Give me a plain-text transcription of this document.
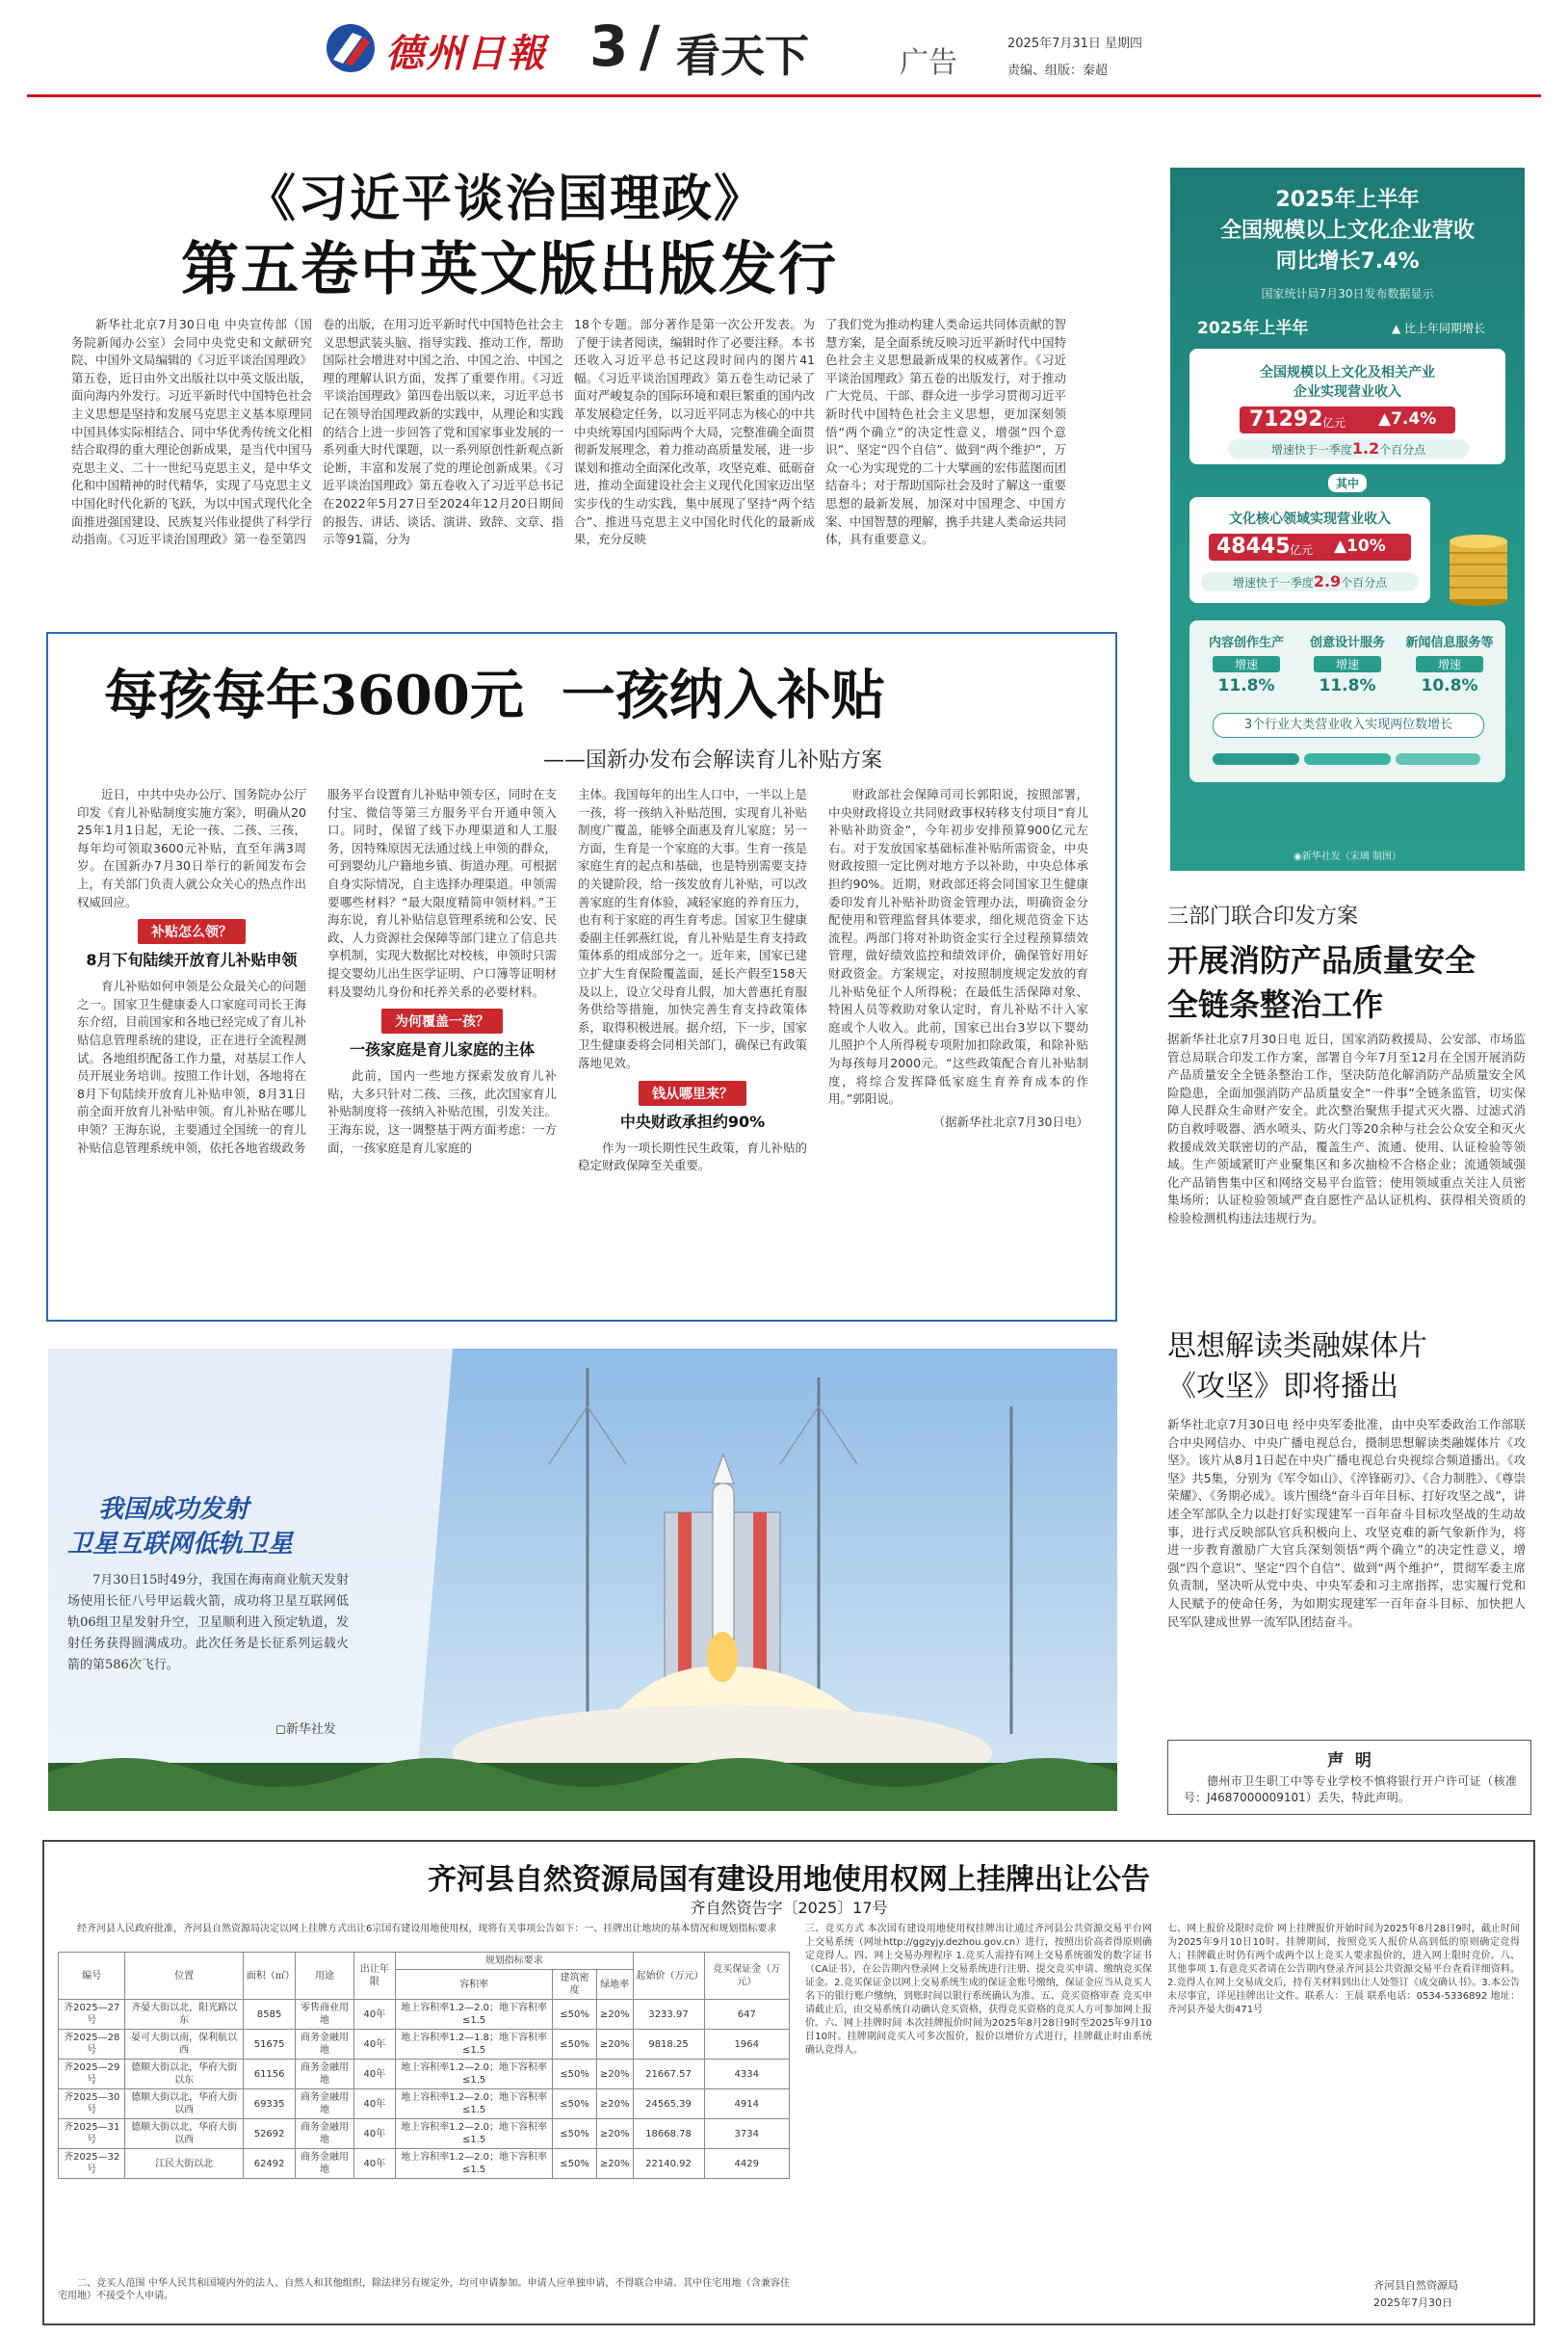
德州日報 3 / 看天下	广告
2025年7月31日 星期四
责编、组版：秦超
《习近平谈治国理政》
第五卷中英文版出版发行

新华社北京7月30日电 中央宣传部（国务院新闻办公室）会同中央党史和文献研究院、中国外文局编辑的《习近平谈治国理政》第五卷，近日由外文出版社以中英文版出版，面向海内外发行。习近平新时代中国特色社会主义思想是坚持和发展马克思主义基本原理同中国具体实际相结合、同中华优秀传统文化相结合取得的重大理论创新成果，是当代中国马克思主义、二十一世纪马克思主义，是中华文化和中国精神的时代精华，实现了马克思主义中国化时代化新的飞跃，为以中国式现代化全面推进强国建设、民族复兴伟业提供了科学行动指南。《习近平谈治国理政》第一卷至第四

卷的出版，在用习近平新时代中国特色社会主义思想武装头脑、指导实践、推动工作，帮助国际社会增进对中国之治、中国之治、中国之理的理解认识方面，发挥了重要作用。《习近平谈治国理政》第四卷出版以来，习近平总书记在领导治国理政新的实践中，从理论和实践的结合上进一步回答了党和国家事业发展的一系列重大时代课题，以一系列原创性新观点新论断，丰富和发展了党的理论创新成果。《习近平谈治国理政》第五卷收入了习近平总书记在2022年5月27日至2024年12月20日期间的报告、讲话、谈话、演讲、致辞、文章、指示等91篇，分为

18个专题。部分著作是第一次公开发表。为了便于读者阅读，编辑时作了必要注释。本书还收入习近平总书记这段时间内的图片41幅。《习近平谈治国理政》第五卷生动记录了面对严峻复杂的国际环境和艰巨繁重的国内改革发展稳定任务，以习近平同志为核心的中共中央统筹国内国际两个大局，完整准确全面贯彻新发展理念，着力推动高质量发展，进一步谋划和推动全面深化改革，攻坚克难、砥砺奋进，推动全面建设社会主义现代化国家迈出坚实步伐的生动实践，集中展现了坚持“两个结合”、推进马克思主义中国化时代化的最新成果，充分反映

了我们党为推动构建人类命运共同体贡献的智慧方案，是全面系统反映习近平新时代中国特色社会主义思想最新成果的权威著作。《习近平谈治国理政》第五卷的出版发行，对于推动广大党员、干部、群众进一步学习贯彻习近平新时代中国特色社会主义思想，更加深刻领悟“两个确立”的决定性意义，增强“四个意识”、坚定“四个自信”、做到“两个维护”，万众一心为实现党的二十大擘画的宏伟蓝图而团结奋斗；对于帮助国际社会及时了解这一重要思想的最新发展，加深对中国理念、中国方案、中国智慧的理解，携手共建人类命运共同体，具有重要意义。

2025年上半年
全国规模以上文化企业营收
同比增长7.4%
国家统计局7月30日发布数据显示
2025年上半年	▲ 比上年同期增长
全国规模以上文化及相关产业
企业实现营业收入
71292 亿元 ▲7.4%
增速快于一季度1.2个百分点
其中
文化核心领域实现营业收入
48445 亿元 ▲10%
增速快于一季度2.9个百分点
内容创作生产
增速
11.8%
创意设计服务
增速
11.8%
新闻信息服务等
增速
10.8%
3个行业大类营业收入实现两位数增长
◉新华社发（宋璃 制图）
每孩每年3600元  一孩纳入补贴
——国新办发布会解读育儿补贴方案

近日，中共中央办公厅、国务院办公厅印发《育儿补贴制度实施方案》，明确从2025年1月1日起，无论一孩、二孩、三孩，每年均可领取3600元补贴，直至年满3周岁。在国新办7月30日举行的新闻发布会上，有关部门负责人就公众关心的热点作出权威回应。

补贴怎么领？
8月下旬陆续开放育儿补贴申领

育儿补贴如何申领是公众最关心的问题之一。国家卫生健康委人口家庭司司长王海东介绍，目前国家和各地已经完成了育儿补贴信息管理系统的建设，正在进行全流程测试。各地组织配备工作力量，对基层工作人员开展业务培训。按照工作计划，各地将在8月下旬陆续开放育儿补贴申领，8月31日前全面开放育儿补贴申领。育儿补贴在哪儿申领？王海东说，主要通过全国统一的育儿补贴信息管理系统申领，依托各地省级政务

服务平台设置育儿补贴申领专区，同时在支付宝、微信等第三方服务平台开通申领入口。同时，保留了线下办理渠道和人工服务，因特殊原因无法通过线上申领的群众，可到婴幼儿户籍地乡镇、街道办理。可根据自身实际情况，自主选择办理渠道。申领需要哪些材料？“最大限度精简申领材料。”王海东说，育儿补贴信息管理系统和公安、民政、人力资源社会保障等部门建立了信息共享机制，实现大数据比对校核，申领时只需提交婴幼儿出生医学证明、户口簿等证明材料及婴幼儿身份和托养关系的必要材料。

为何覆盖一孩？
一孩家庭是育儿家庭的主体

此前，国内一些地方探索发放育儿补贴，大多只针对二孩、三孩，此次国家育儿补贴制度将一孩纳入补贴范围，引发关注。王海东说，这一调整基于两方面考虑：一方面，一孩家庭是育儿家庭的

主体。我国每年的出生人口中，一半以上是一孩，将一孩纳入补贴范围，实现育儿补贴制度广覆盖，能够全面惠及育儿家庭；另一方面，生育是一个家庭的大事。生育一孩是家庭生育的起点和基础，也是特别需要支持的关键阶段，给一孩发放育儿补贴，可以改善家庭的生育体验，减轻家庭的养育压力，也有利于家庭的再生育考虑。国家卫生健康委副主任郭燕红说，育儿补贴是生育支持政策体系的组成部分之一。近年来，国家已建立扩大生育保险覆盖面，延长产假至158天及以上，设立父母育儿假，加大普惠托育服务供给等措施，加快完善生育支持政策体系，取得积极进展。据介绍，下一步，国家卫生健康委将会同相关部门，确保已有政策落地见效。

钱从哪里来？
中央财政承担约90%

作为一项长期性民生政策，育儿补贴的稳定财政保障至关重要。

财政部社会保障司司长郭阳说，按照部署，中央财政将设立共同财政事权转移支付项目“育儿补贴补助资金”，今年初步安排预算900亿元左右。对于发放国家基础标准补贴所需资金，中央财政按照一定比例对地方予以补助，中央总体承担约90%。近期，财政部还将会同国家卫生健康委印发育儿补贴补助资金管理办法，明确资金分配使用和管理监督具体要求，细化规范资金下达流程。两部门将对补助资金实行全过程预算绩效管理，做好绩效监控和绩效评价，确保管好用好财政资金。方案规定，对按照制度规定发放的育儿补贴免征个人所得税；在最低生活保障对象、特困人员等救助对象认定时，育儿补贴不计入家庭或个人收入。此前，国家已出台3岁以下婴幼儿照护个人所得税专项附加扣除政策，和除补贴为每孩每月2000元。“这些政策配合育儿补贴制度，将综合发挥降低家庭生育养育成本的作用。”郭阳说。

（据新华社北京7月30日电）
三部门联合印发方案
开展消防产品质量安全
全链条整治工作

据新华社北京7月30日电 近日，国家消防救援局、公安部、市场监管总局联合印发工作方案，部署自今年7月至12月在全国开展消防产品质量安全全链条整治工作，坚决防范化解消防产品质量安全风险隐患，全面加强消防产品质量安全“一件事”全链条监管，切实保障人民群众生命财产安全。此次整治聚焦手提式灭火器、过滤式消防自救呼吸器、洒水喷头、防火门等20余种与社会公众安全和灭火救援成效关联密切的产品，覆盖生产、流通、使用、认证检验等领域。生产领域紧盯产业聚集区和多次抽检不合格企业；流通领域强化产品销售集中区和网络交易平台监管；使用领域重点关注人员密集场所；认证检验领域严查自愿性产品认证机构、获得相关资质的检验检测机构违法违规行为。

我国成功发射
卫星互联网低轨卫星

7月30日15时49分，我国在海南商业航天发射场使用长征八号甲运载火箭，成功将卫星互联网低轨06组卫星发射升空，卫星顺利进入预定轨道，发射任务获得圆满成功。此次任务是长征系列运载火箭的第586次飞行。

◻新华社发
思想解读类融媒体片
《攻坚》即将播出

新华社北京7月30日电 经中央军委批准，由中央军委政治工作部联合中央网信办、中央广播电视总台，摄制思想解读类融媒体片《攻坚》。该片从8月1日起在中央广播电视总台央视综合频道播出。《攻坚》共5集，分别为《军令如山》、《淬锋砺刃》、《合力制胜》、《尊崇荣耀》、《务期必成》。该片围绕“奋斗百年目标、打好攻坚之战”，讲述全军部队全力以赴打好实现建军一百年奋斗目标攻坚战的生动故事，进行式反映部队官兵积极向上、攻坚克难的新气象新作为，将进一步教育激励广大官兵深刻领悟“两个确立”的决定性意义，增强“四个意识”、坚定“四个自信”、做到“两个维护”，贯彻军委主席负责制，坚决听从党中央、中央军委和习主席指挥，忠实履行党和人民赋予的使命任务，为如期实现建军一百年奋斗目标、加快把人民军队建成世界一流军队团结奋斗。

声  明

德州市卫生职工中等专业学校不慎将银行开户许可证（核准号：J4687000009101）丢失，特此声明。

齐河县自然资源局国有建设用地使用权网上挂牌出让公告
齐自然资告字〔2025〕17号

经齐河县人民政府批准，齐河县自然资源局决定以网上挂牌方式出让6宗国有建设用地使用权，现将有关事项公告如下：一、挂牌出让地块的基本情况和规划指标要求

编号	位置	面积（㎡）	用途	出让年限	规划指标要求			起始价（万元）	竞买保证金（万元）
					容积率	建筑密度	绿地率		
齐2025—27号	齐晏大街以北，阳光路以东	8585	零售商业用地	40年	地上容积率1.2—2.0；地下容积率≤1.5	≤50%	≥20%	3233.97	647
齐2025—28号	晏可大街以南，保利航以西	51675	商务金融用地	40年	地上容积率1.2—1.8；地下容积率≤1.5	≤50%	≥20%	9818.25	1964
齐2025—29号	德顺大街以北，华府大街以东	61156	商务金融用地	40年	地上容积率1.2—2.0；地下容积率≤1.5	≤50%	≥20%	21667.57	4334
齐2025—30号	德顺大街以北，华府大街以西	69335	商务金融用地	40年	地上容积率1.2—2.0；地下容积率≤1.5	≤50%	≥20%	24565.39	4914
齐2025—31号	德顺大街以北，华府大街以西	52692	商务金融用地	40年	地上容积率1.2—2.0；地下容积率≤1.5	≤50%	≥20%	18668.78	3734
齐2025—32号	江民大街以北	62492	商务金融用地	40年	地上容积率1.2—2.0；地下容积率≤1.5	≤50%	≥20%	22140.92	4429

二、竞买人范围 中华人民共和国境内外的法人、自然人和其他组织，除法律另有规定外，均可申请参加。申请人应单独申请，不得联合申请。其中住宅用地（含兼容住宅用地）不接受个人申请。

三、竞买方式 本次国有建设用地使用权挂牌出让通过齐河县公共资源交易平台网上交易系统（网址http://ggzyjy.dezhou.gov.cn）进行，按照出价高者得原则确定竞得人。四、网上交易办理程序 1.竞买人需持有网上交易系统颁发的数字证书（CA证书），在公告期内登录网上交易系统进行注册、提交竞买申请、缴纳竞买保证金。2.竞买保证金以网上交易系统生成的保证金账号缴纳，保证金应当从竞买人名下的银行账户缴纳，到账时间以银行系统确认为准。五、竞买资格审查 竞买申请截止后，由交易系统自动确认竞买资格，获得竞买资格的竞买人方可参加网上报价。六、网上挂牌时间 本次挂牌报价时间为2025年8月28日9时至2025年9月10日10时。挂牌期间竞买人可多次报价，报价以增价方式进行，挂牌截止时由系统确认竞得人。

七、网上报价及限时竞价 网上挂牌报价开始时间为2025年8月28日9时，截止时间为2025年9月10日10时。挂牌期间，按照竞买人报价从高到低的原则确定竞得人；挂牌截止时仍有两个或两个以上竞买人要求报价的，进入网上限时竞价。八、其他事项 1.有意竞买者请在公告期内登录齐河县公共资源交易平台查看详细资料。2.竞得人在网上交易成交后，持有关材料到出让人处签订《成交确认书》。3.本公告未尽事宜，详见挂牌出让文件。联系人：王晨 联系电话：0534-5336892 地址：齐河县齐晏大街471号

齐河县自然资源局
2025年7月30日
